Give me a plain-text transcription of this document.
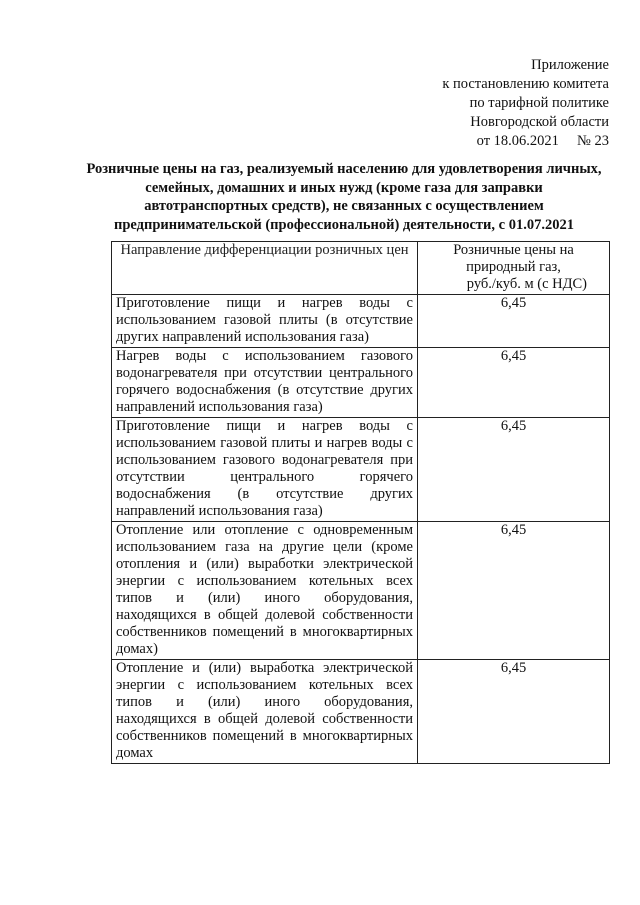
Приложение
к постановлению комитета
по тарифной политике
Новгородской области
от 18.06.2021     № 23
Розничные цены на газ, реализуемый населению для удовлетворения личных, семейных, домашних и иных нужд (кроме газа для заправки автотранспортных средств), не связанных с осуществлением предпринимательской (профессиональной) деятельности, с 01.07.2021
Направление дифференциации розничных цен	Розничные цены на
природный газ,
руб./куб. м (с НДС)

Приготовление пищи и нагрев воды с использованием газовой плиты (в отсутствие других направлений использования газа)	6,45
Нагрев воды с использованием газового водонагревателя при отсутствии центрального горячего водоснабжения (в отсутствие других направлений использования газа)	6,45
Приготовление пищи и нагрев воды с использованием газовой плиты и нагрев воды с использованием газового водонагревателя при отсутствии центрального горячего водоснабжения (в отсутствие других направлений использования газа)	6,45
Отопление или отопление с одновременным использованием газа на другие цели (кроме отопления и (или) выработки электрической энергии с использованием котельных всех типов и (или) иного оборудования, находящихся в общей долевой собственности собственников помещений в многоквартирных домах)	6,45
Отопление и (или) выработка электрической энергии с использованием котельных всех типов и (или) иного оборудования, находящихся в общей долевой собственности собственников помещений в многоквартирных домах	6,45
